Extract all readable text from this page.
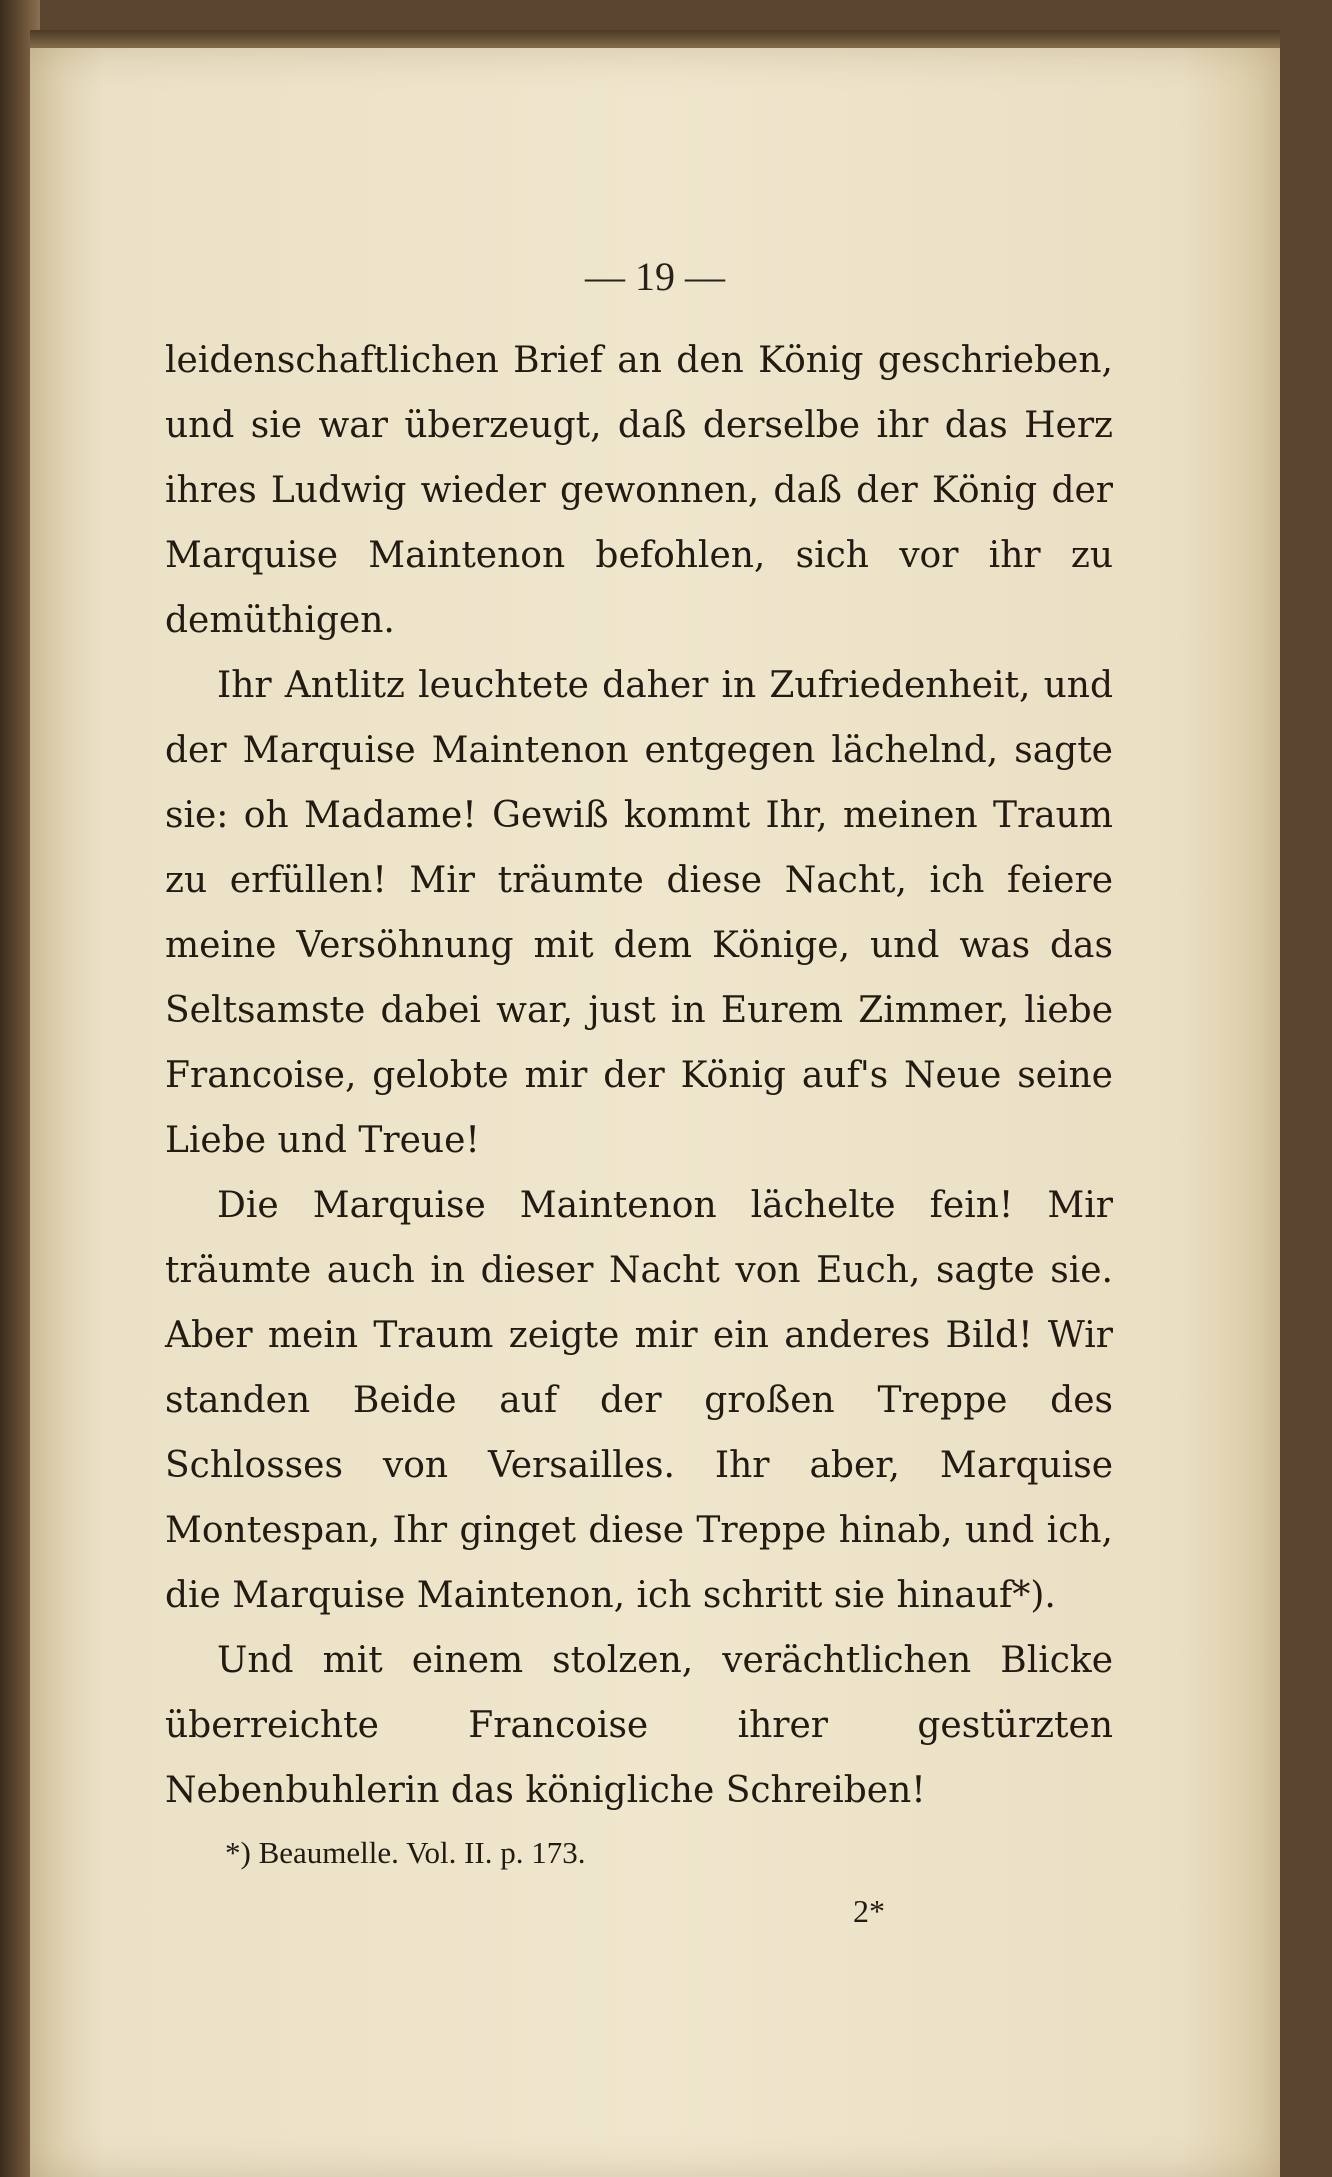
— 19 —

leidenschaftlichen Brief an den König geschrieben, und sie war überzeugt, daß derselbe ihr das Herz ihres Ludwig wieder gewonnen, daß der König der Marquise Maintenon befohlen, sich vor ihr zu demüthigen.

Ihr Antlitz leuchtete daher in Zufriedenheit, und der Marquise Maintenon entgegen lächelnd, sagte sie: oh Madame! Gewiß kommt Ihr, meinen Traum zu erfüllen! Mir träumte diese Nacht, ich feiere meine Versöhnung mit dem Könige, und was das Seltsamste dabei war, just in Eurem Zimmer, liebe Francoise, gelobte mir der König auf's Neue seine Liebe und Treue!

Die Marquise Maintenon lächelte fein! Mir träumte auch in dieser Nacht von Euch, sagte sie. Aber mein Traum zeigte mir ein anderes Bild! Wir standen Beide auf der großen Treppe des Schlosses von Versailles. Ihr aber, Marquise Montespan, Ihr ginget diese Treppe hinab, und ich, die Marquise Maintenon, ich schritt sie hinauf*).

Und mit einem stolzen, verächtlichen Blicke überreichte Francoise ihrer gestürzten Nebenbuhlerin das königliche Schreiben!

*) Beaumelle. Vol. II. p. 173.
2*
